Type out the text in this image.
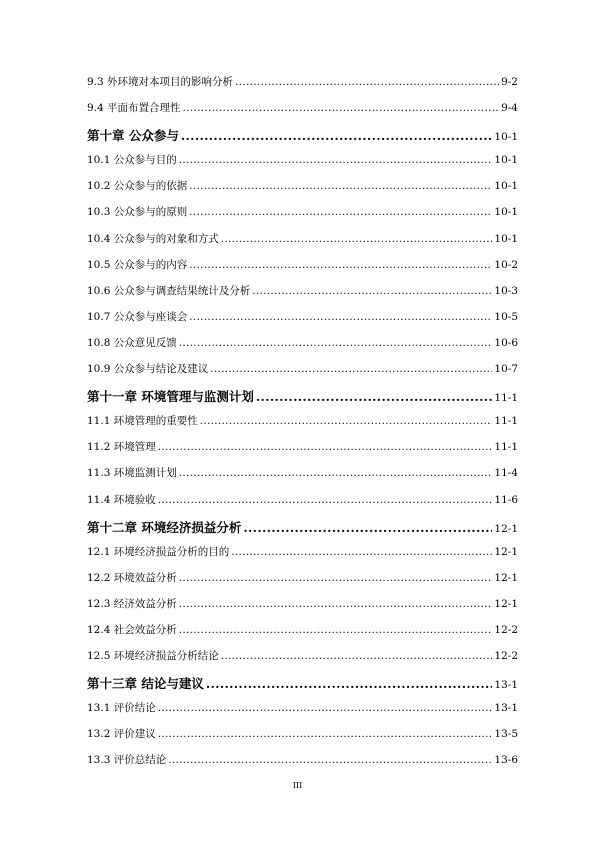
9.3 外环境对本项目的影响分析 .....	9-2
9.4 平面布置合理性 .....	9-4
第十章 公众参与 .....	10-1
10.1 公众参与目的 .....	10-1
10.2 公众参与的依据 .....	10-1
10.3 公众参与的原则 .....	10-1
10.4 公众参与的对象和方式 .....	10-1
10.5 公众参与的内容 .....	10-2
10.6 公众参与调查结果统计及分析 .....	10-3
10.7 公众参与座谈会 .....	10-5
10.8 公众意见反馈 .....	10-6
10.9 公众参与结论及建议 .....	10-7
第十一章 环境管理与监测计划 .....	11-1
11.1 环境管理的重要性 .....	11-1
11.2 环境管理 .....	11-1
11.3 环境监测计划 .....	11-4
11.4 环境验收 .....	11-6
第十二章 环境经济损益分析 .....	12-1
12.1 环境经济损益分析的目的 .....	12-1
12.2 环境效益分析 .....	12-1
12.3 经济效益分析 .....	12-1
12.4 社会效益分析 .....	12-2
12.5 环境经济损益分析结论 .....	12-2
第十三章 结论与建议 .....	13-1
13.1 评价结论 .....	13-1
13.2 评价建议 .....	13-5
13.3 评价总结论 .....	13-6
III
